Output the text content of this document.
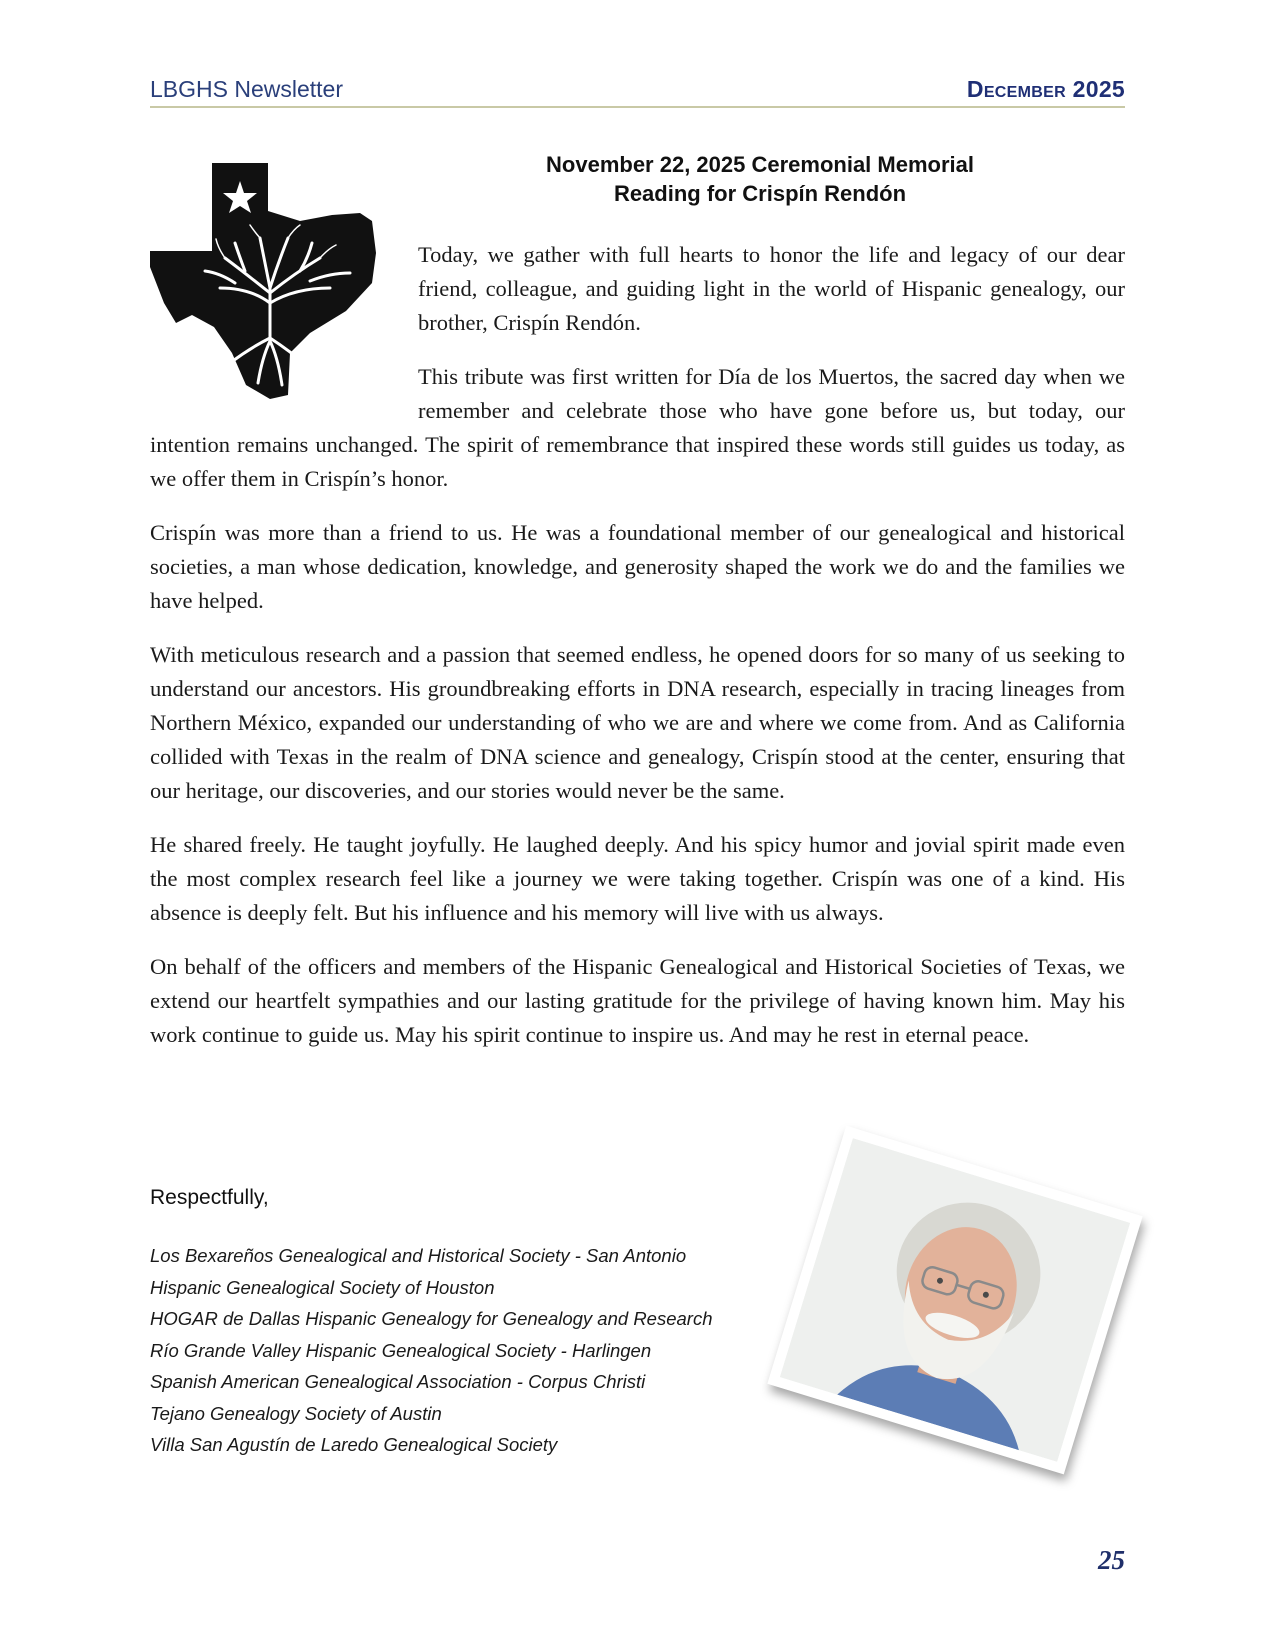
LBGHS Newsletter	December 2025
November 22, 2025 Ceremonial Memorial
Reading for Crispín Rendón

Today, we gather with full hearts to honor the life and legacy of our dear friend, colleague, and guiding light in the world of Hispanic genealogy, our brother, Crispín Rendón.

This tribute was first written for Día de los Muertos, the sacred day when we remember and celebrate those who have gone before us, but today, our intention remains unchanged. The spirit of remembrance that inspired these words still guides us today, as we offer them in Crispín’s honor.

Crispín was more than a friend to us. He was a foundational member of our genealogical and historical societies, a man whose dedication, knowledge, and generosity shaped the work we do and the families we have helped.

With meticulous research and a passion that seemed endless, he opened doors for so many of us seeking to understand our ancestors. His groundbreaking efforts in DNA research, especially in tracing lineages from Northern México, expanded our understanding of who we are and where we come from. And as California collided with Texas in the realm of DNA science and genealogy, Crispín stood at the center, ensuring that our heritage, our discoveries, and our stories would never be the same.

He shared freely. He taught joyfully. He laughed deeply. And his spicy humor and jovial spirit made even the most complex research feel like a journey we were taking together. Crispín was one of a kind. His absence is deeply felt. But his influence and his memory will live with us always.

On behalf of the officers and members of the Hispanic Genealogical and Historical Societies of Texas, we extend our heartfelt sympathies and our lasting gratitude for the privilege of having known him. May his work continue to guide us. May his spirit continue to inspire us. And may he rest in eternal peace.

Respectfully,
Los Bexareños Genealogical and Historical Society - San Antonio
Hispanic Genealogical Society of Houston
HOGAR de Dallas Hispanic Genealogy for Genealogy and Research
Río Grande Valley Hispanic Genealogical Society - Harlingen
Spanish American Genealogical Association - Corpus Christi
Tejano Genealogy Society of Austin
Villa San Agustín de Laredo Genealogical Society
25
